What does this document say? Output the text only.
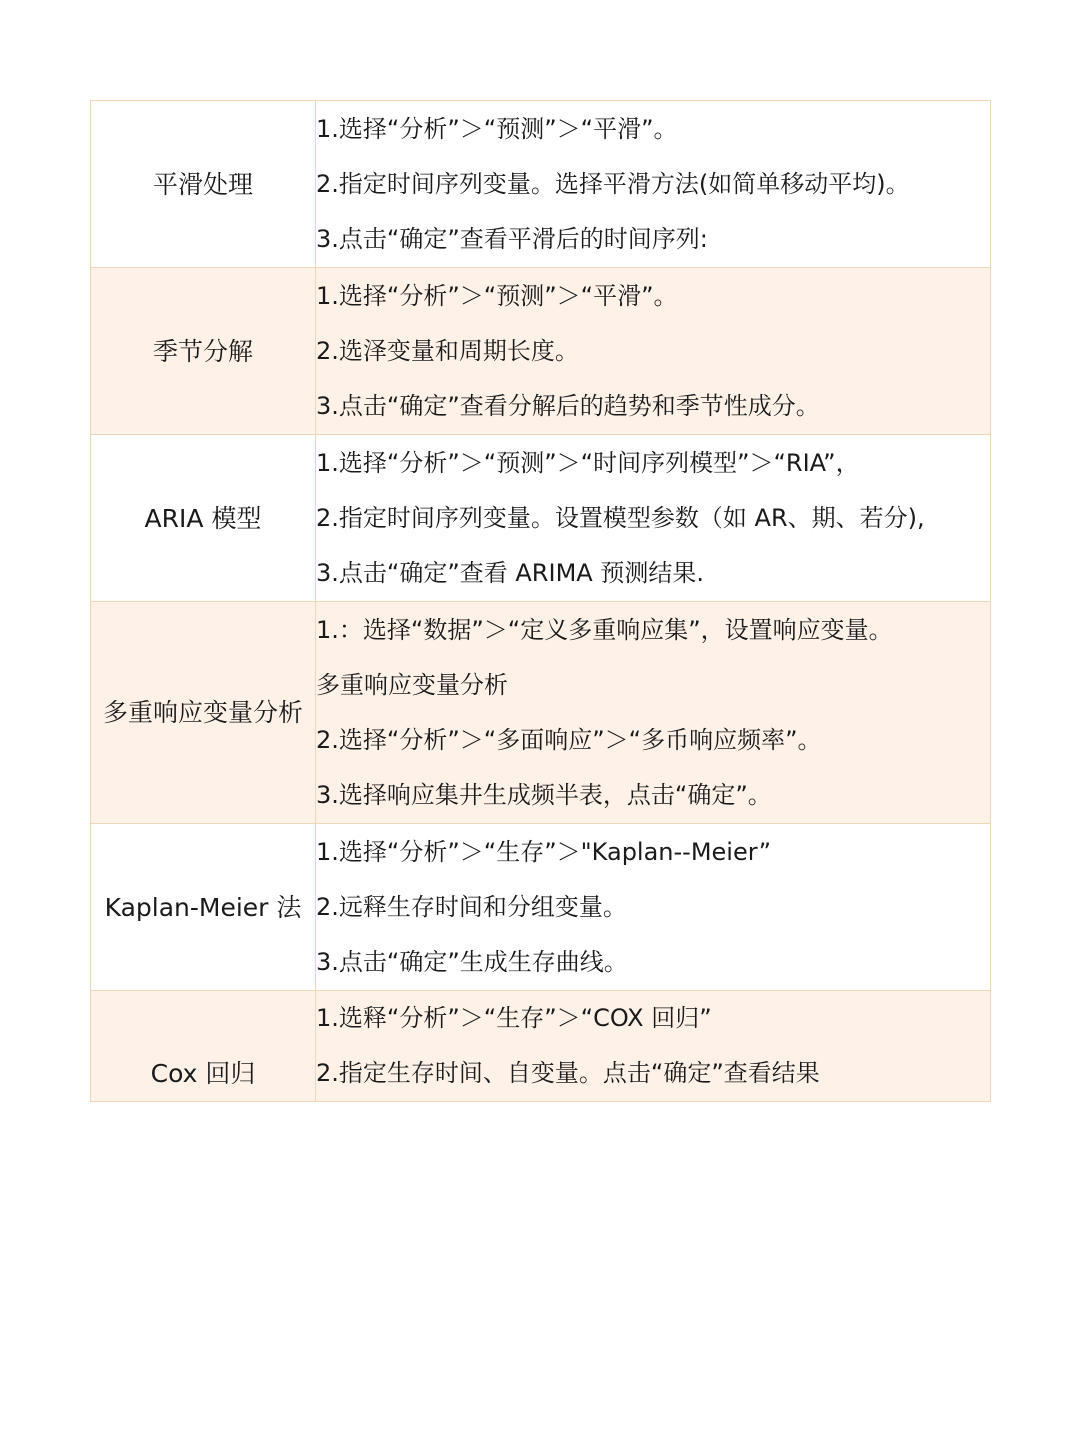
平滑处理	1.选择“分析”＞“预测”＞“平滑”。
2.指定时间序列变量。选择平滑方法(如简单移动平均)。
3.点击“确定”查看平滑后的时间序列:

季节分解	1.选择“分析”＞“预测”＞“平滑”。
2.选泽变量和周期长度。
3.点击“确定”查看分解后的趋势和季节性成分。

ARIA 模型	1.选择“分析”＞“预测”＞“时间序列模型”＞“RIA”，
2.指定时间序列变量。设置模型参数（如 AR、期、若分),
3.点击“确定”查看 ARIMA 预测结果.

多重响应变量分析	1.：选择“数据”＞“定义多重响应集”，设置响应变量。
多重响应变量分析
2.选择“分析”＞“多面响应”＞“多币响应频率”。
3.选择响应集井生成频半表，点击“确定”。

Kaplan-Meier 法	1.选择“分析”＞“生存”＞"Kaplan--Meier”
2.远释生存时间和分组变量。
3.点击“确定”生成生存曲线。

Cox 回归	1.选释“分析”＞“生存”＞“COX 回归”
2.指定生存时间、自变量。点击“确定”查看结果
